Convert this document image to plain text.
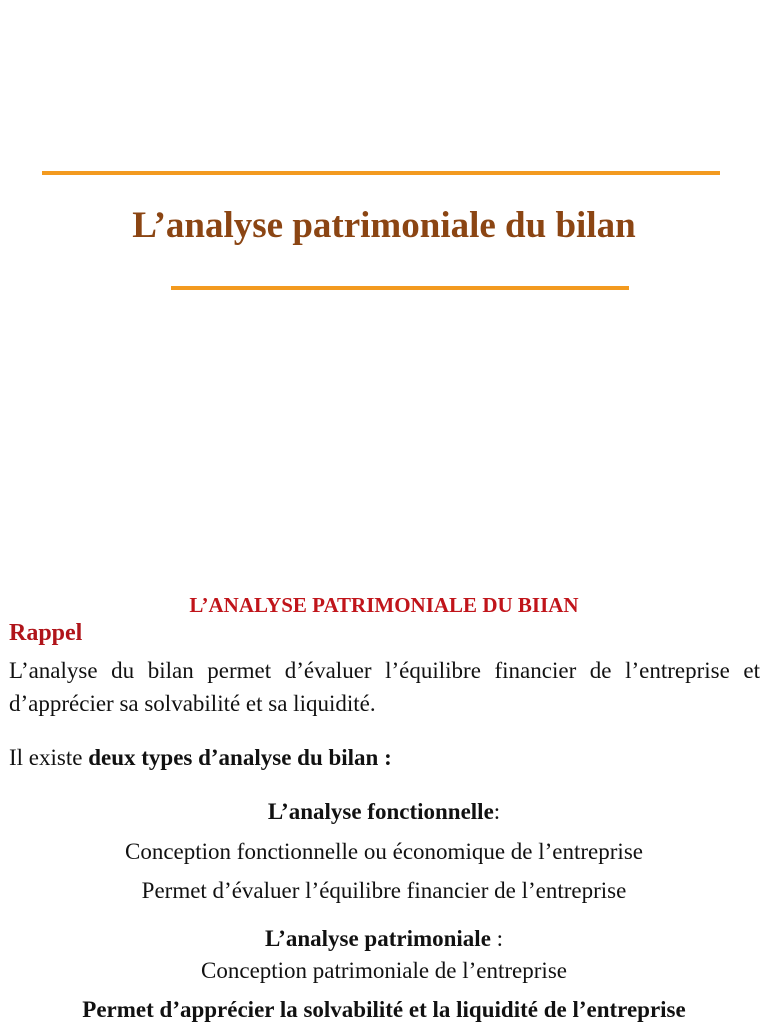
L’analyse patrimoniale du bilan
L’ANALYSE PATRIMONIALE DU BIIAN
Rappel
L’analyse du bilan permet d’évaluer l’équilibre financier de l’entreprise et d’apprécier sa solvabilité et sa liquidité.
Il existe deux types d’analyse du bilan :
L’analyse fonctionnelle:
Conception fonctionnelle ou économique de l’entreprise
Permet d’évaluer l’équilibre financier de l’entreprise
L’analyse patrimoniale :
Conception patrimoniale de l’entreprise
Permet d’apprécier la solvabilité et la liquidité de l’entreprise
